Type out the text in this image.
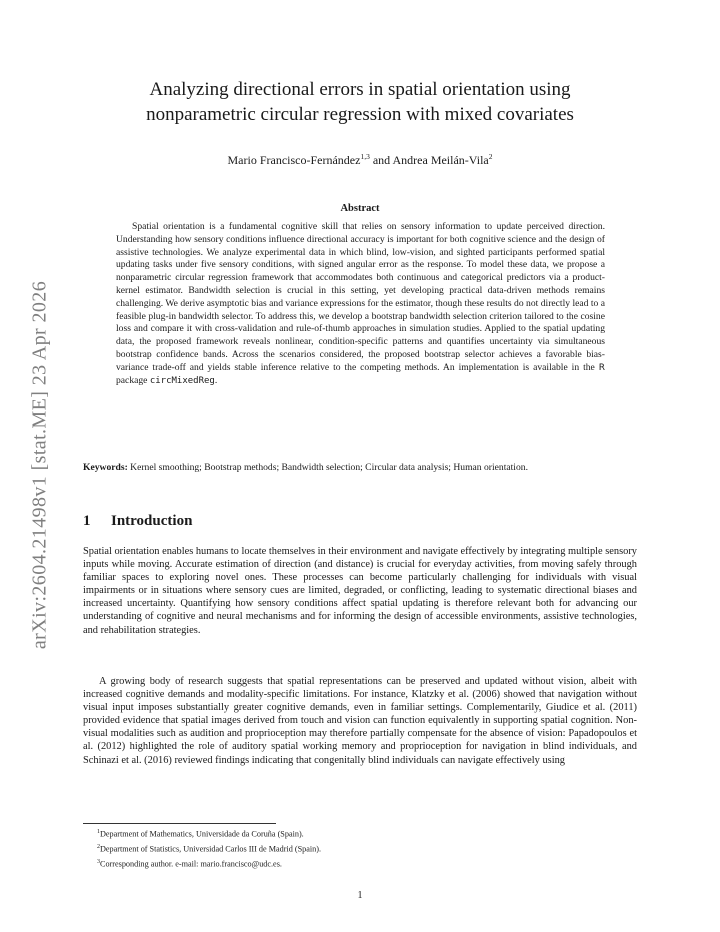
arXiv:2604.21498v1 [stat.ME] 23 Apr 2026
Analyzing directional errors in spatial orientation using
nonparametric circular regression with mixed covariates
Mario Francisco-Fernández$^{1,3}$ and Andrea Meilán-Vila$^2$
Abstract
Spatial orientation is a fundamental cognitive skill that relies on sensory information to update perceived direction. Understanding how sensory conditions influence directional accuracy is important for both cognitive science and the design of assistive technologies. We analyze experimental data in which blind, low-vision, and sighted participants performed spatial updating tasks under five sensory conditions, with signed angular error as the response. To model these data, we propose a nonparametric circular regression framework that accommodates both continuous and categorical predictors via a product-kernel estimator. Bandwidth selection is crucial in this setting, yet developing practical data-driven methods remains challenging. We derive asymptotic bias and variance expressions for the estimator, though these results do not directly lead to a feasible plug-in bandwidth selector. To address this, we develop a bootstrap bandwidth selection criterion tailored to the cosine loss and compare it with cross-validation and rule-of-thumb approaches in simulation studies. Applied to the spatial updating data, the proposed framework reveals nonlinear, condition-specific patterns and quantifies uncertainty via simultaneous bootstrap confidence bands. Across the scenarios considered, the proposed bootstrap selector achieves a favorable bias-variance trade-off and yields stable inference relative to the competing methods. An implementation is available in the R package circMixedReg.
Keywords: Kernel smoothing; Bootstrap methods; Bandwidth selection; Circular data analysis; Human orientation.
1 Introduction
Spatial orientation enables humans to locate themselves in their environment and navigate effectively by integrating multiple sensory inputs while moving. Accurate estimation of direction (and distance) is crucial for everyday activities, from moving safely through familiar spaces to exploring novel ones. These processes can become particularly challenging for individuals with visual impairments or in situations where sensory cues are limited, degraded, or conflicting, leading to systematic directional biases and increased uncertainty. Quantifying how sensory conditions affect spatial updating is therefore relevant both for advancing our understanding of cognitive and neural mechanisms and for informing the design of accessible environments, assistive technologies, and rehabilitation strategies.
A growing body of research suggests that spatial representations can be preserved and updated without vision, albeit with increased cognitive demands and modality-specific limitations. For instance, Klatzky et al. (2006) showed that navigation without visual input imposes substantially greater cognitive demands, even in familiar settings. Complementarily, Giudice et al. (2011) provided evidence that spatial images derived from touch and vision can function equivalently in supporting spatial cognition. Non-visual modalities such as audition and proprioception may therefore partially compensate for the absence of vision: Papadopoulos et al. (2012) highlighted the role of auditory spatial working memory and proprioception for navigation in blind individuals, and Schinazi et al. (2016) reviewed findings indicating that congenitally blind individuals can navigate effectively using
$^1$Department of Mathematics, Universidade da Coruña (Spain).
$^2$Department of Statistics, Universidad Carlos III de Madrid (Spain).
$^3$Corresponding author. e-mail: mario.francisco@udc.es.
1
